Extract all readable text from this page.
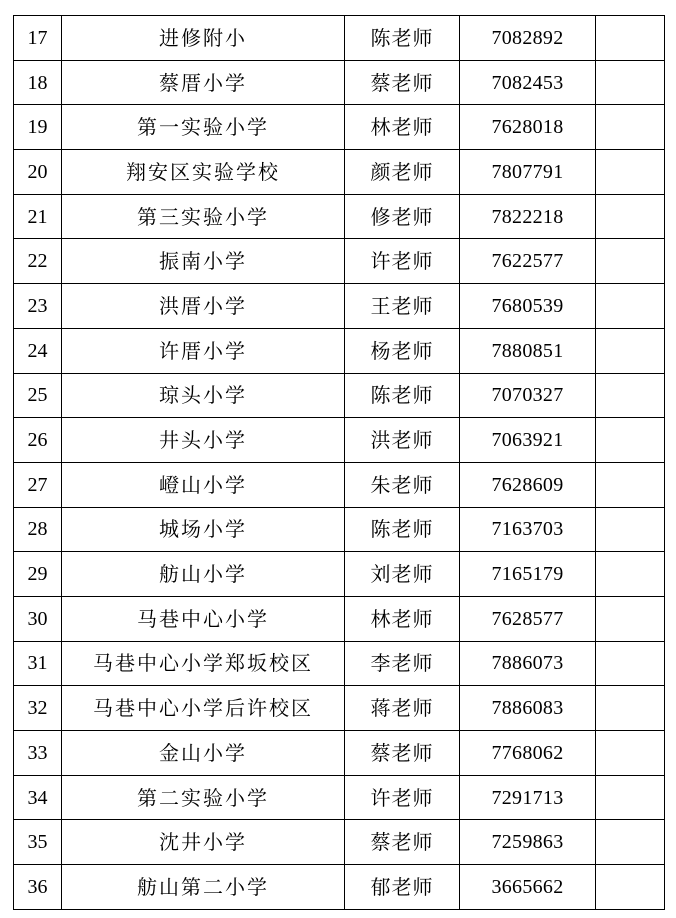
17	进修附小	陈老师	7082892	
18	蔡厝小学	蔡老师	7082453	
19	第一实验小学	林老师	7628018	
20	翔安区实验学校	颜老师	7807791	
21	第三实验小学	修老师	7822218	
22	振南小学	许老师	7622577	
23	洪厝小学	王老师	7680539	
24	许厝小学	杨老师	7880851	
25	琼头小学	陈老师	7070327	
26	井头小学	洪老师	7063921	
27	嶝山小学	朱老师	7628609	
28	城场小学	陈老师	7163703	
29	舫山小学	刘老师	7165179	
30	马巷中心小学	林老师	7628577	
31	马巷中心小学郑坂校区	李老师	7886073	
32	马巷中心小学后许校区	蒋老师	7886083	
33	金山小学	蔡老师	7768062	
34	第二实验小学	许老师	7291713	
35	沈井小学	蔡老师	7259863	
36	舫山第二小学	郁老师	3665662	
